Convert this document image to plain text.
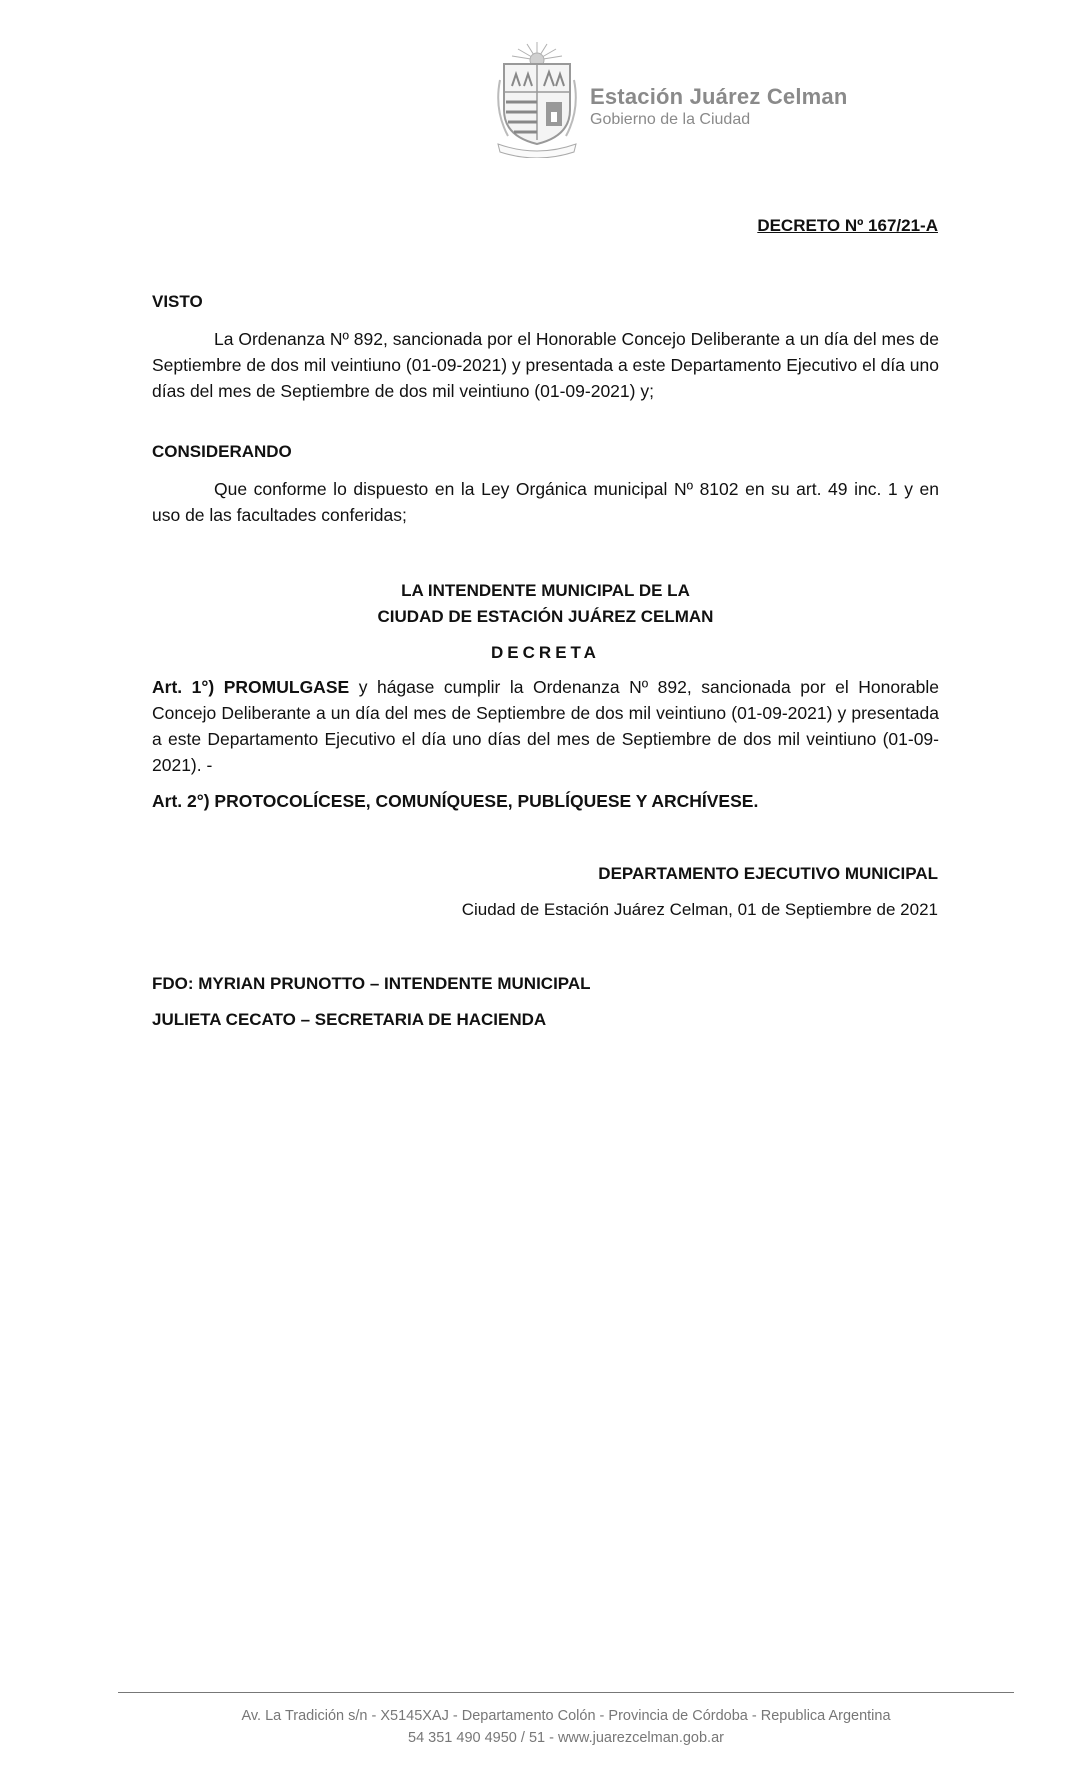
Estación Juárez Celman
Gobierno de la Ciudad
DECRETO Nº 167/21-A
VISTO

La Ordenanza Nº 892, sancionada por el Honorable Concejo Deliberante a un día del mes de Septiembre de dos mil veintiuno (01-09-2021) y presentada a este Departamento Ejecutivo el día uno días del mes de Septiembre de dos mil veintiuno (01-09-2021) y;

CONSIDERANDO

Que conforme lo dispuesto en la Ley Orgánica municipal Nº 8102 en su art. 49 inc. 1 y en uso de las facultades conferidas;

LA INTENDENTE MUNICIPAL DE LA
CIUDAD DE ESTACIÓN JUÁREZ CELMAN
DECRETA

Art. 1°) PROMULGASE y hágase cumplir la Ordenanza Nº 892, sancionada por el Honorable Concejo Deliberante a un día del mes de Septiembre de dos mil veintiuno (01-09-2021) y presentada a este Departamento Ejecutivo el día uno días del mes de Septiembre de dos mil veintiuno (01-09-2021). -

Art. 2°) PROTOCOLÍCESE, COMUNÍQUESE, PUBLÍQUESE Y ARCHÍVESE.

DEPARTAMENTO EJECUTIVO MUNICIPAL
Ciudad de Estación Juárez Celman, 01 de Septiembre de 2021
FDO: MYRIAN PRUNOTTO – INTENDENTE MUNICIPAL
JULIETA CECATO – SECRETARIA DE HACIENDA
Av. La Tradición s/n - X5145XAJ - Departamento Colón - Provincia de Córdoba - Republica Argentina
54 351 490 4950 / 51 - www.juarezcelman.gob.ar
